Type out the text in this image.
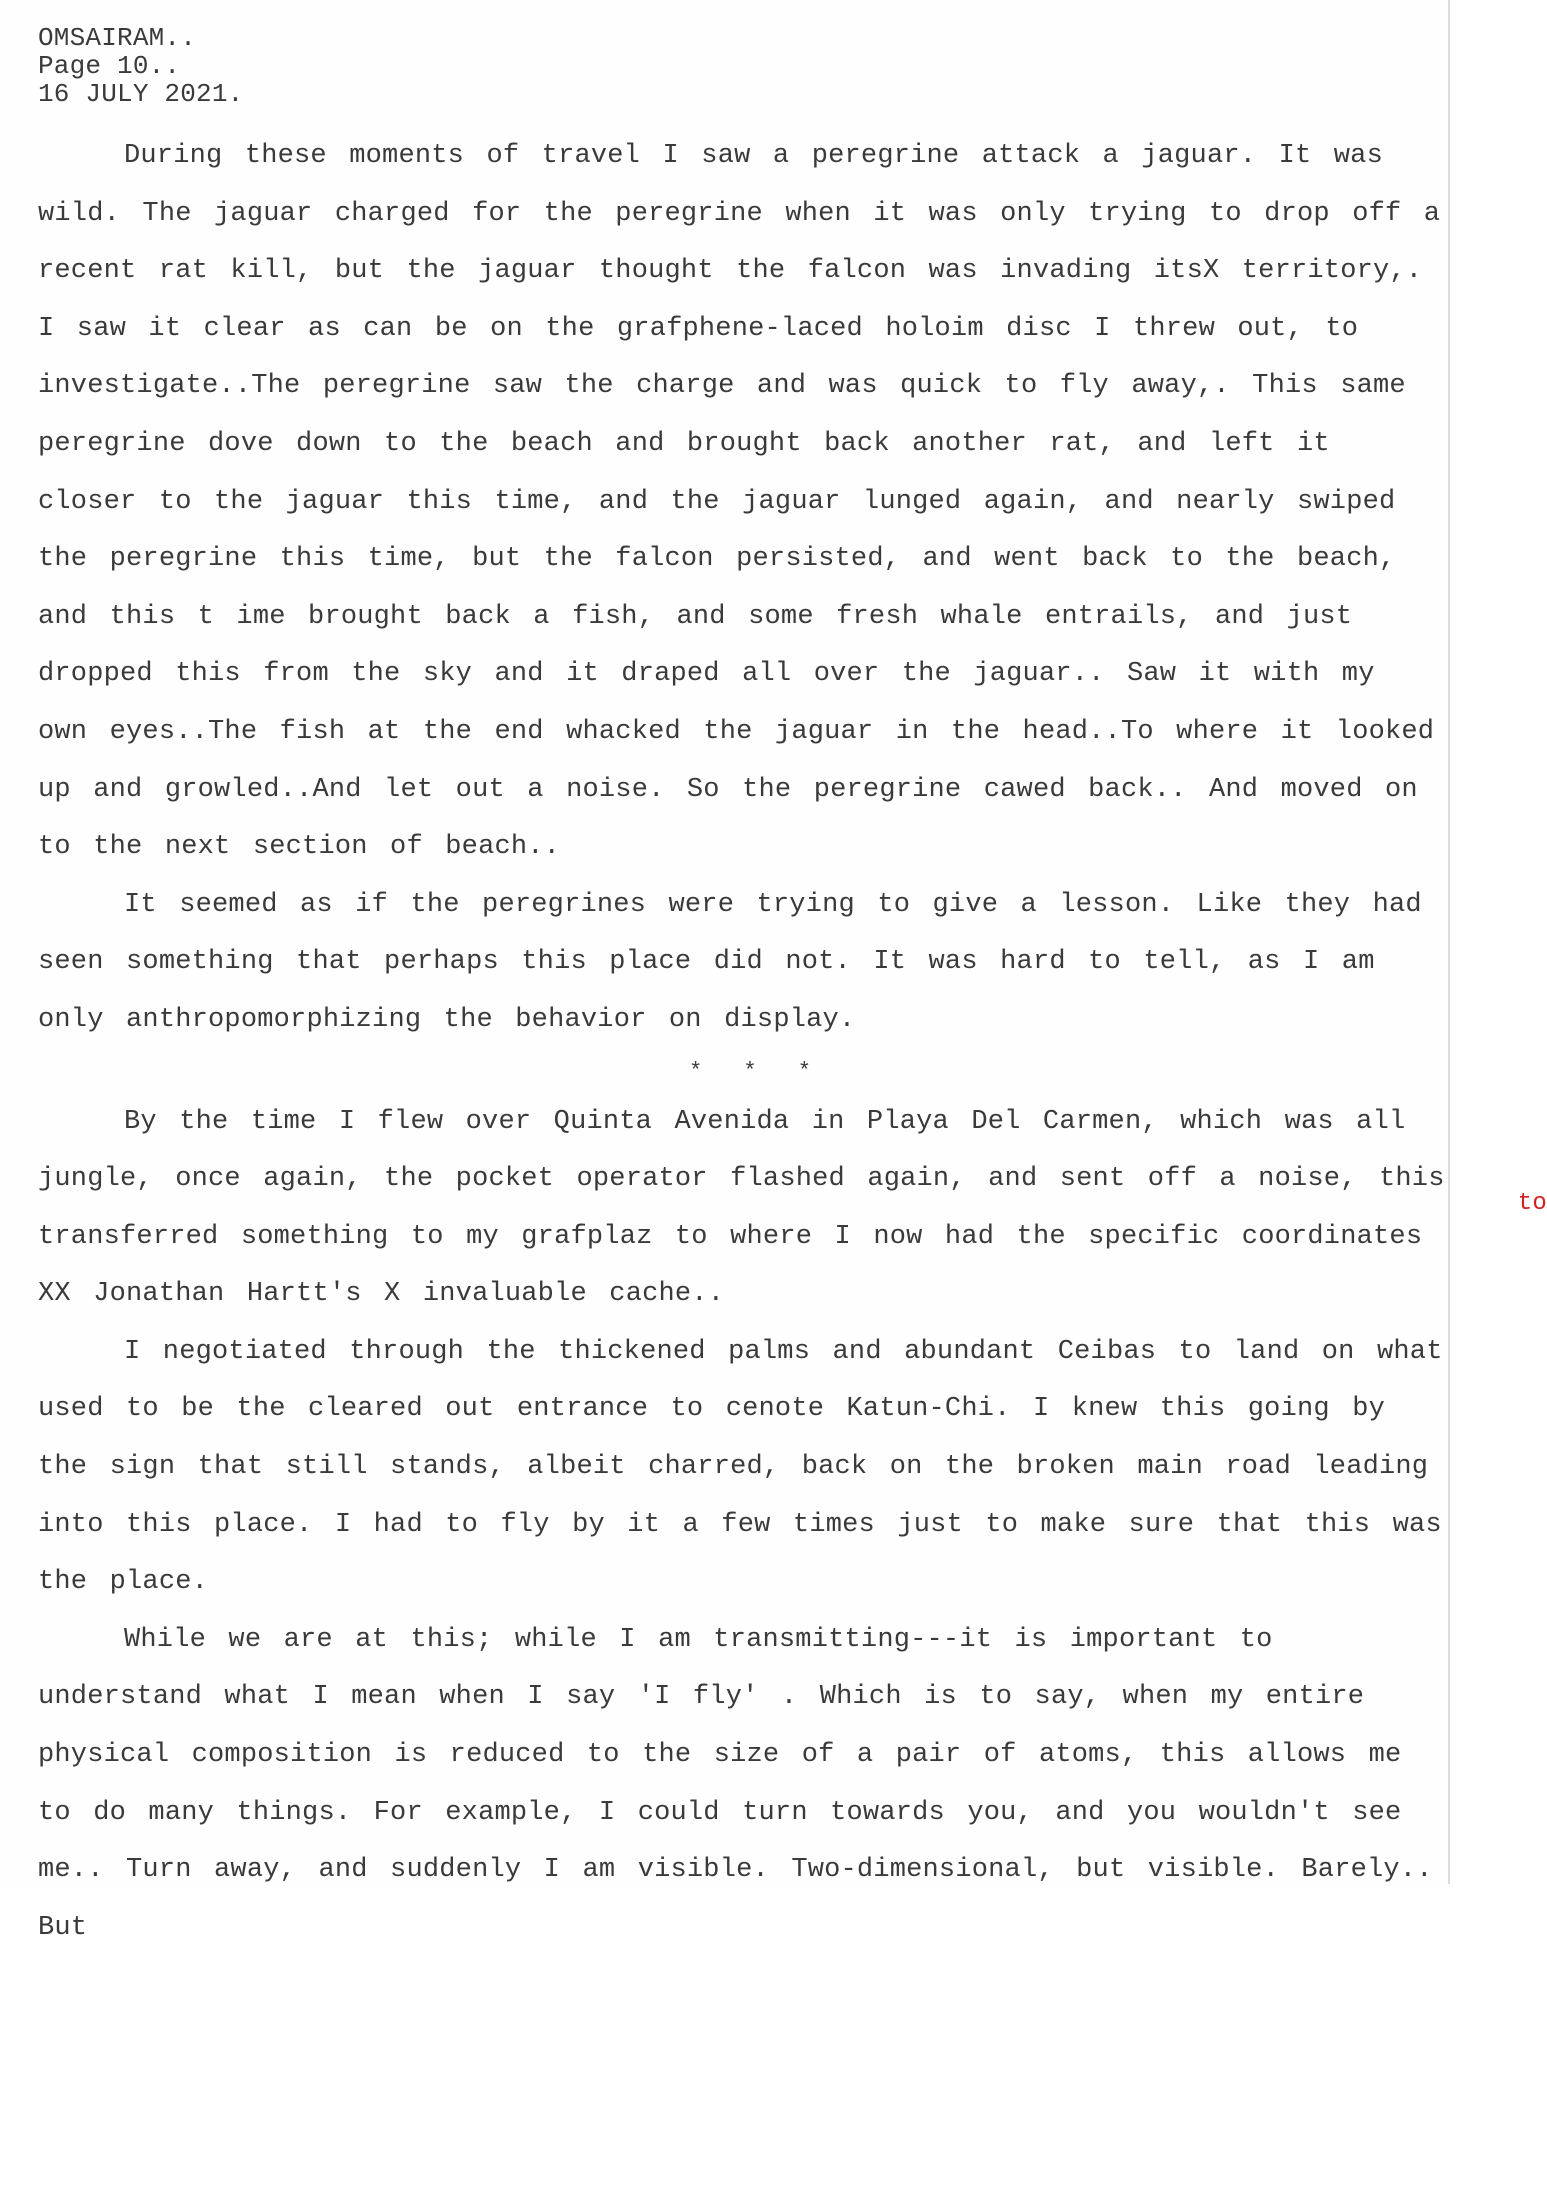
OMSAIRAM..
Page 10..
16 JULY 2021.

During these moments of travel I saw a peregrine attack a jaguar. It was wild. The jaguar charged for the peregrine when it was only trying to drop off a recent rat kill, but the jaguar thought the falcon was invading itsX territory,. I saw it clear as can be on the grafphene-laced holoim disc I threw out, to investigate..The peregrine saw the charge and was quick to fly away,. This same peregrine dove down to the beach and brought back another rat, and left it closer to the jaguar this time, and the jaguar lunged again, and nearly swiped the peregrine this time, but the falcon persisted, and went back to the beach, and this t ime brought back a fish, and some fresh whale entrails, and just dropped this from the sky and it draped all over the jaguar.. Saw it with my own eyes..The fish at the end whacked the jaguar in the head..To where it looked up and growled..And let out a noise. So the peregrine cawed back.. And moved on to the next section of beach..

It seemed as if the peregrines were trying to give a lesson. Like they had seen something that perhaps this place did not. It was hard to tell, as I am only anthropomorphizing the behavior on display.

* * *

By the time I flew over Quinta Avenida in Playa Del Carmen, which was all jungle, once again, the pocket operator flashed again, and sent off a noise, this transferred something to my grafplaz to where I now had the specific
to
coordinates XX Jonathan Hartt's X invaluable cache..

I negotiated through the thickened palms and abundant Ceibas to land on what used to be the cleared out entrance to cenote Katun-Chi. I knew this going by the sign that still stands, albeit charred, back on the broken main road leading into this place. I had to fly by it a few times just to make sure that this was the place.

While we are at this; while I am transmitting---it is important to understand what I mean when I say 'I fly' . Which is to say, when my entire physical composition is reduced to the size of a pair of atoms, this allows me to do many things. For example, I could turn towards you, and you wouldn't see me.. Turn away, and suddenly I am visible. Two-dimensional, but visible. Barely.. But
